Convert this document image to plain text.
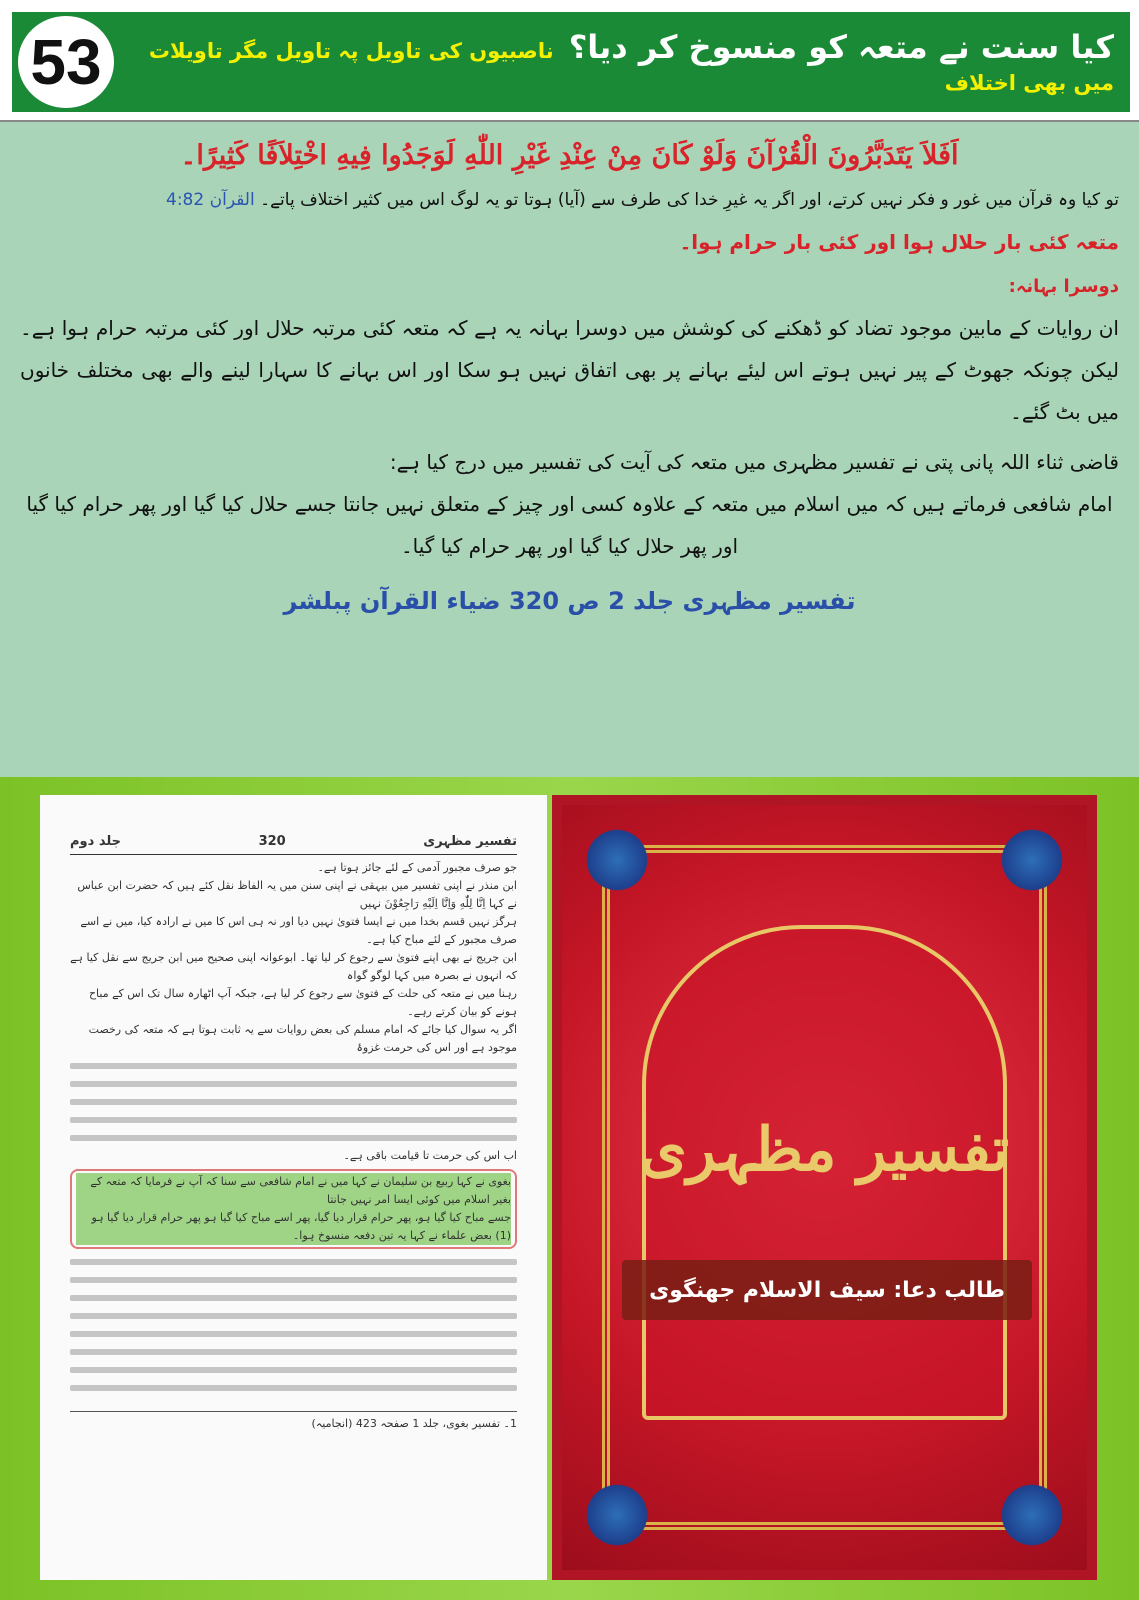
53	کیا سنت نے متعہ کو منسوخ کر دیا؟ ناصبیوں کی تاویل پہ تاویل مگر تاویلات میں بھی اختلاف
اَفَلاَ یَتَدَبَّرُونَ الْقُرْآنَ وَلَوْ كَانَ مِنْ عِنْدِ غَيْرِ اللّٰهِ لَوَجَدُوا فِيهِ اخْتِلاَفًا كَثِيرًا۔
تو کیا وہ قرآن میں غور و فکر نہیں کرتے، اور اگر یہ غیرِ خدا کی طرف سے (آیا) ہوتا تو یہ لوگ اس میں کثیر اختلاف پاتے۔ القرآن 4:82
متعہ کئی بار حلال ہوا اور کئی بار حرام ہوا۔
دوسرا بہانہ:
ان روایات کے مابین موجود تضاد کو ڈھکنے کی کوشش میں دوسرا بہانہ یہ ہے کہ متعہ کئی مرتبہ حلال اور کئی مرتبہ حرام ہوا ہے۔ لیکن چونکہ جھوٹ کے پیر نہیں ہوتے اس لیئے بہانے پر بھی اتفاق نہیں ہو سکا اور اس بہانے کا سہارا لینے والے بھی مختلف خانوں میں بٹ گئے۔
قاضی ثناء اللہ پانی پتی نے تفسیر مظہری میں متعہ کی آیت کی تفسیر میں درج کیا ہے:
امام شافعی فرماتے ہیں کہ میں اسلام میں متعہ کے علاوہ کسی اور چیز کے متعلق نہیں جانتا جسے حلال کیا گیا اور پھر حرام کیا گیا اور پھر حلال کیا گیا اور پھر حرام کیا گیا۔
تفسیر مظہری جلد 2 ص 320 ضیاء القرآن پبلشر
تفسیر مظہری
320
جلد دوم
جو صرف مجبور آدمی کے لئے جائز ہوتا ہے۔
ابن منذر نے اپنی تفسیر میں بیہقی نے اپنی سنن میں یہ الفاظ نقل کئے ہیں کہ حضرت ابن عباس نے کہا اِنَّا لِلّٰهِ وَاِنَّا اِلَيْهِ رَاجِعُوْنَ نہیں
ہرگز نہیں قسم بخدا میں نے ایسا فتویٰ نہیں دیا اور نہ ہی اس کا میں نے ارادہ کیا، میں نے اسے صرف مجبور کے لئے مباح کیا ہے۔
ابن جریج نے بھی اپنے فتویٰ سے رجوع کر لیا تھا۔ ابوعوانہ اپنی صحیح میں ابن جریج سے نقل کیا ہے کہ انہوں نے بصرہ میں کہا لوگو گواہ
رہنا میں نے متعہ کی حلت کے فتویٰ سے رجوع کر لیا ہے، جبکہ آپ اٹھارہ سال تک اس کے مباح ہونے کو بیان کرتے رہے۔
اگر یہ سوال کیا جائے کہ امام مسلم کی بعض روایات سے یہ ثابت ہوتا ہے کہ متعہ کی رخصت موجود ہے اور اس کی حرمت غزوۂ
اب اس کی حرمت تا قیامت باقی ہے۔
بغوی نے کہا ربیع بن سلیمان نے کہا میں نے امام شافعی سے سنا کہ آپ نے فرمایا کہ متعہ کے بغیر اسلام میں کوئی ایسا امر نہیں جانتا
جسے مباح کیا گیا ہو، پھر حرام قرار دیا گیا، پھر اسے مباح کیا گیا ہو پھر حرام قرار دیا گیا ہو (1) بعض علماء نے کہا یہ تین دفعہ منسوخ ہوا۔
1۔ تفسیر بغوی، جلد 1 صفحہ 423 (انجامیہ)
تفسیر مظہری
طالب دعا: سیف الاسلام جھنگوی
